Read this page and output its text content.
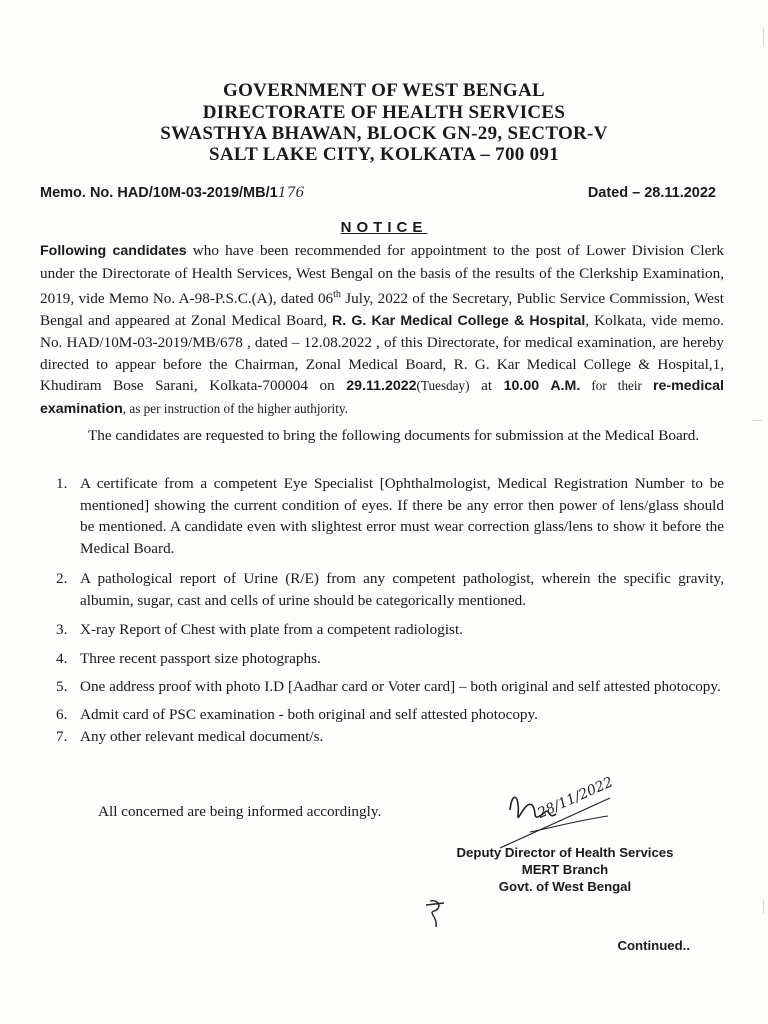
GOVERNMENT OF WEST BENGAL
DIRECTORATE OF HEALTH SERVICES
SWASTHYA BHAWAN, BLOCK GN-29, SECTOR-V
SALT LAKE CITY, KOLKATA – 700 091
Memo. No. HAD/10M-03-2019/MB/1176	Dated – 28.11.2022
NOTICE
Following candidates who have been recommended for appointment to the post of Lower Division Clerk under the Directorate of Health Services, West Bengal on the basis of the results of the Clerkship Examination, 2019, vide Memo No. A-98-P.S.C.(A), dated 06th July, 2022 of the Secretary, Public Service Commission, West Bengal and appeared at Zonal Medical Board, R. G. Kar Medical College & Hospital, Kolkata, vide memo. No. HAD/10M-03-2019/MB/678 , dated – 12.08.2022 , of this Directorate, for medical examination, are hereby directed to appear before the Chairman, Zonal Medical Board, R. G. Kar Medical College & Hospital,1, Khudiram Bose Sarani, Kolkata-700004 on 29.11.2022(Tuesday) at 10.00 A.M. for their re-medical examination, as per instruction of the higher authjority.
The candidates are requested to bring the following documents for submission at the Medical Board.
1. A certificate from a competent Eye Specialist [Ophthalmologist, Medical Registration Number to be mentioned] showing the current condition of eyes. If there be any error then power of lens/glass should be mentioned. A candidate even with slightest error must wear correction glass/lens to show it before the Medical Board.
2. A pathological report of Urine (R/E) from any competent pathologist, wherein the specific gravity, albumin, sugar, cast and cells of urine should be categorically mentioned.
3. X-ray Report of Chest with plate from a competent radiologist.
4. Three recent passport size photographs.
5. One address proof with photo I.D [Aadhar card or Voter card] – both original and self attested photocopy.
6. Admit card of PSC examination - both original and self attested photocopy.
7. Any other relevant medical document/s.
All concerned are being informed accordingly.	28/11/2022
Deputy Director of Health Services
MERT Branch
Govt. of West Bengal
Continued..
